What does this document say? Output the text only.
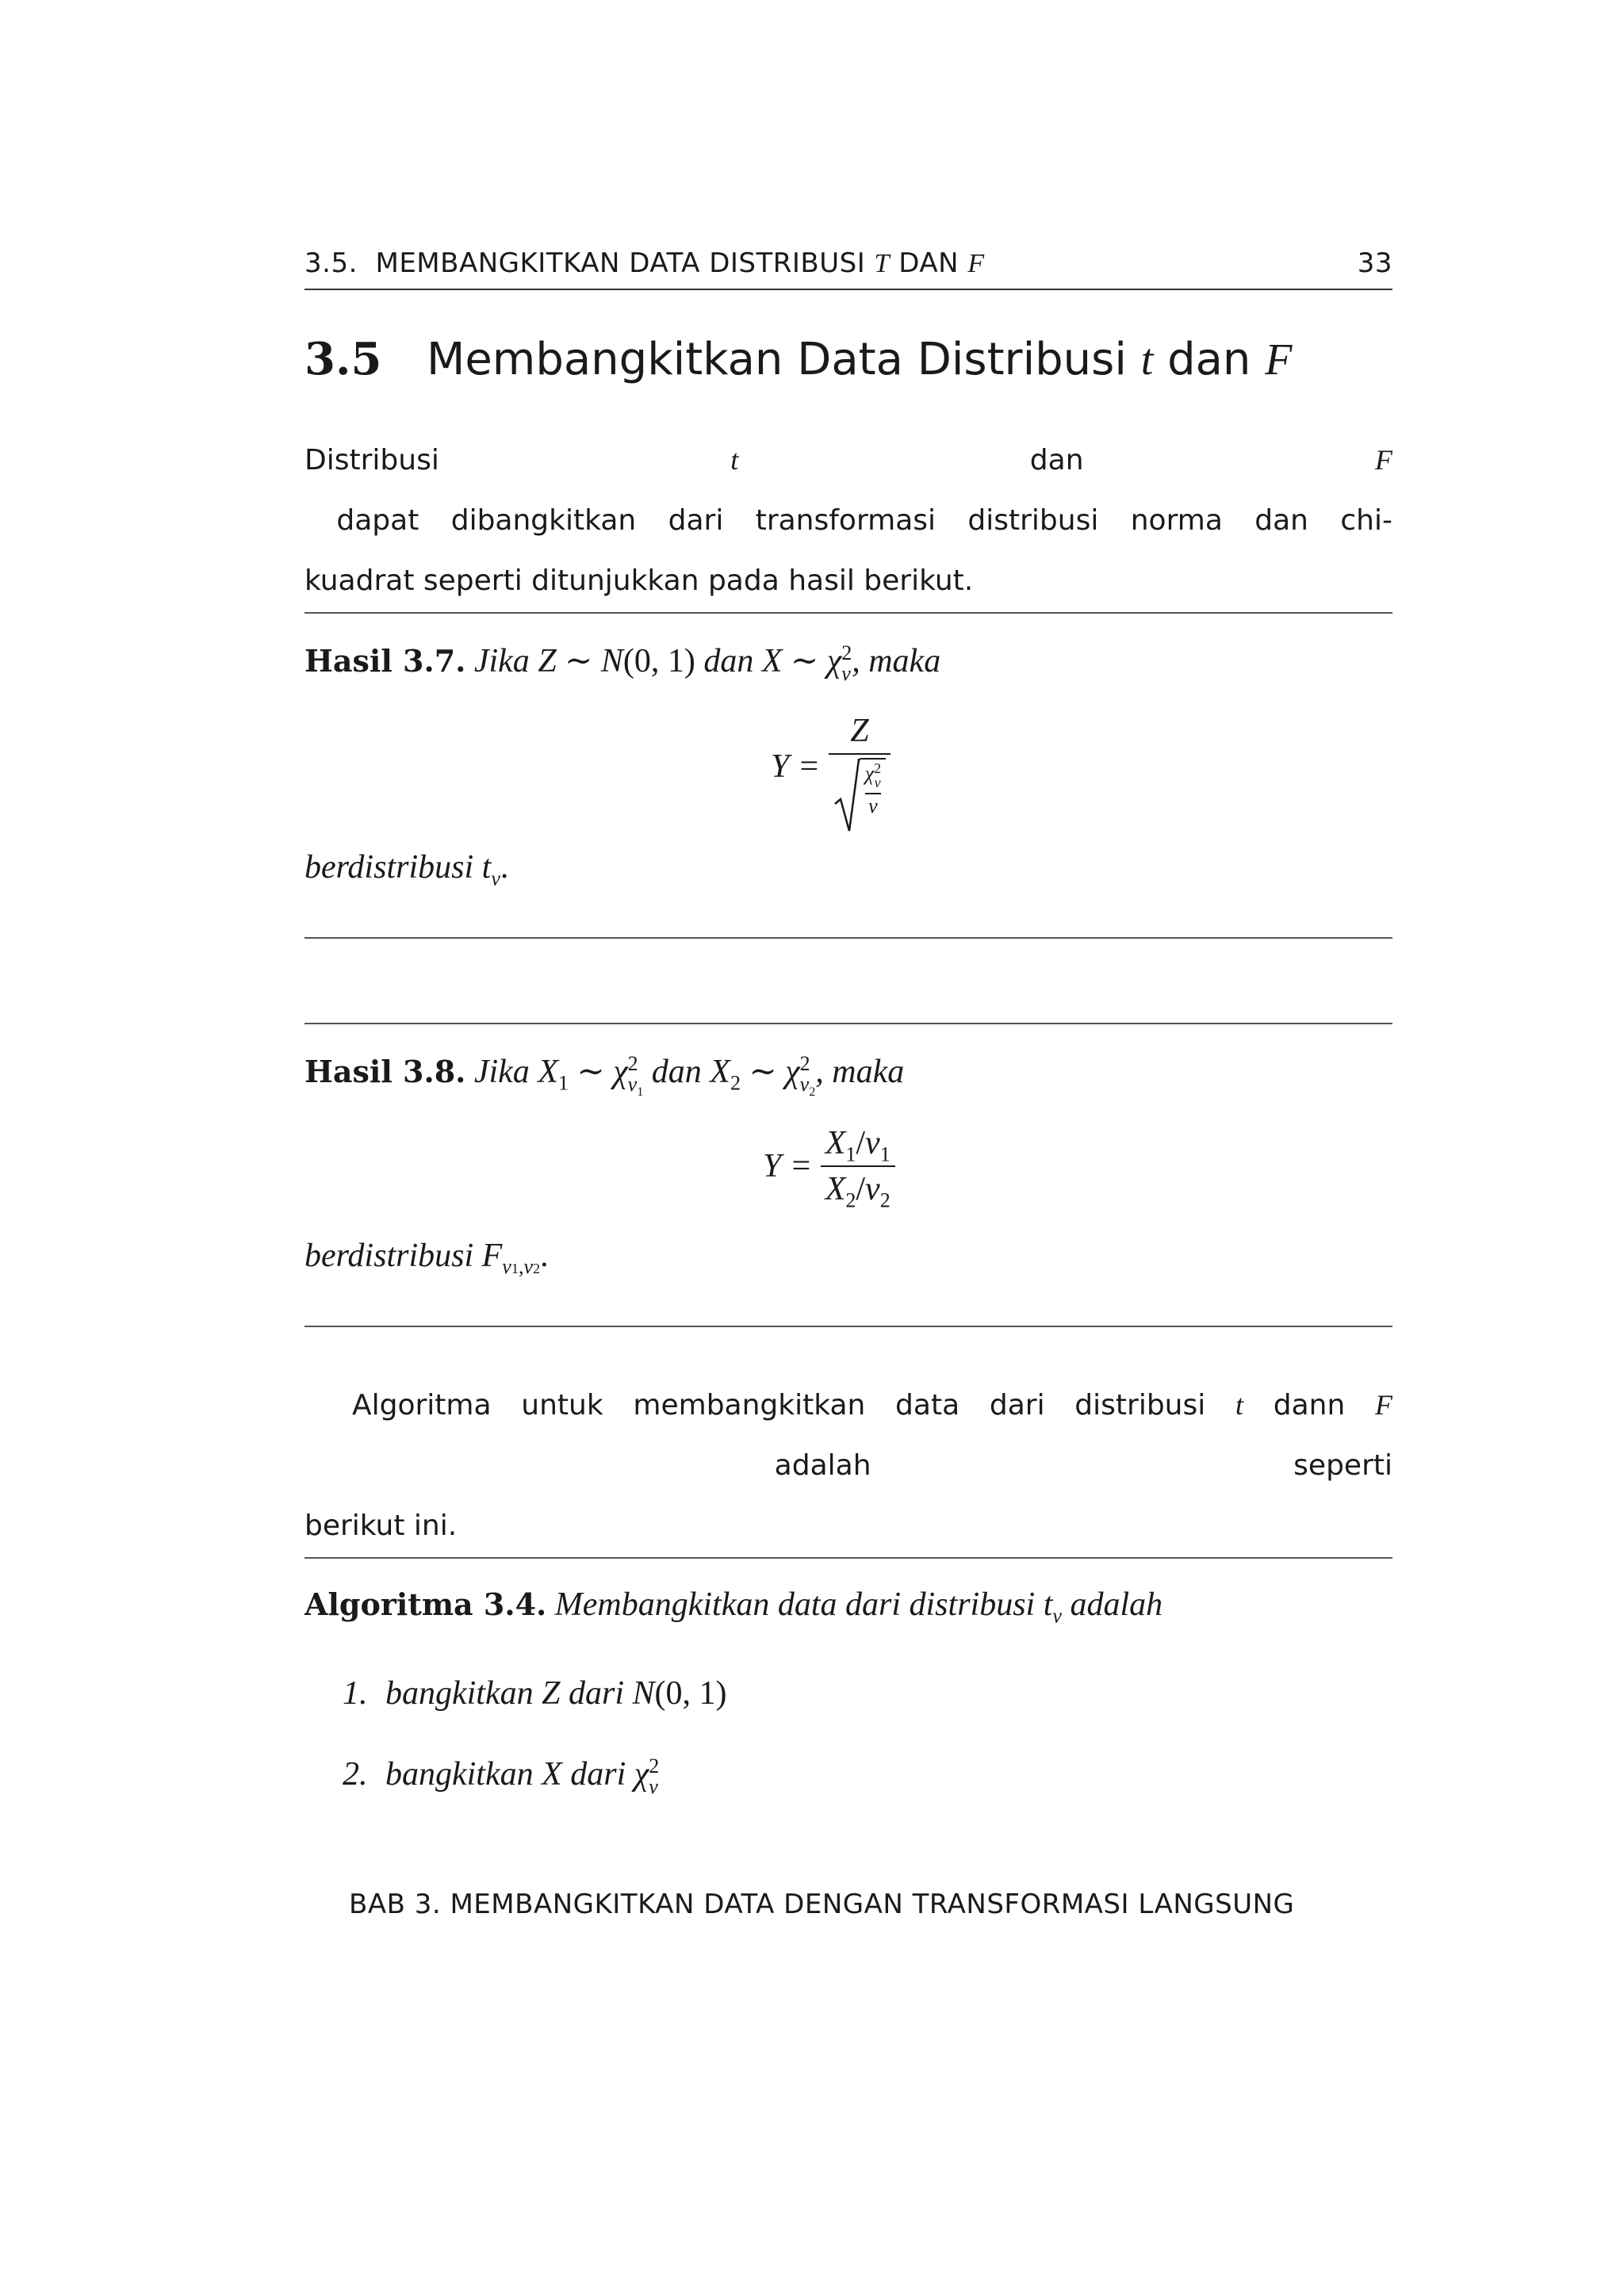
3.5.  MEMBANGKITKAN DATA DISTRIBUSI T DAN F	33
3.5 Membangkitkan Data Distribusi t dan F
Distribusi t dan F dapat dibangkitkan dari transformasi distribusi norma dan chi-
kuadrat seperti ditunjukkan pada hasil berikut.
Hasil 3.7. Jika Z ∼ N(0, 1) dan X ∼ χ 2
ν , maka
Y = Z
χ 2
ν
ν
berdistribusi $t_\nu$.
Hasil 3.8. Jika $X_1$ ∼ χ 2
$\nu_1$
dan $X_2$ ∼ χ 2
$\nu_2$
, maka
$Y = \frac{X_1/\nu_1}{X_2/\nu_2}$
berdistribusi $F_{\nu 1,\nu 2}$.
Algoritma untuk membangkitkan data dari distribusi t dann F adalah seperti
berikut ini.
Algoritma 3.4. Membangkitkan data dari distribusi $t_\nu$ adalah
1. bangkitkan Z dari N(0, 1)
2. bangkitkan X dari χ 2
ν
BAB 3. MEMBANGKITKAN DATA DENGAN TRANSFORMASI LANGSUNG
